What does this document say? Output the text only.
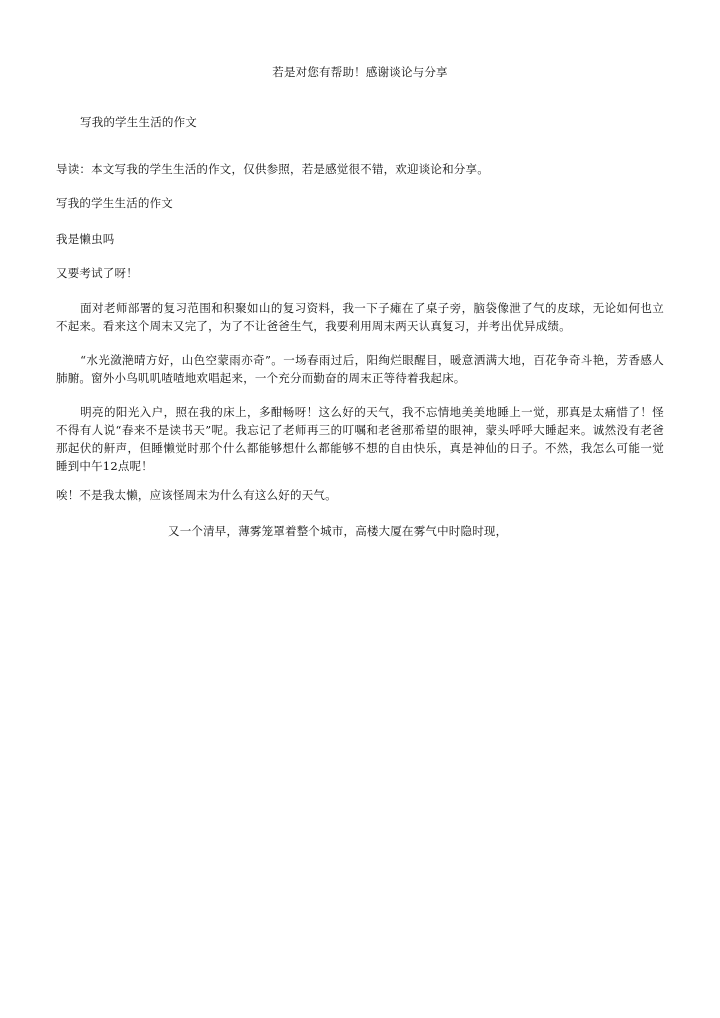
若是对您有帮助！感谢谈论与分享
写我的学生生活的作文
导读：本文写我的学生生活的作文，仅供参照，若是感觉很不错，欢迎谈论和分享。
写我的学生生活的作文
我是懒虫吗
又要考试了呀！
面对老师部署的复习范围和积聚如山的复习资料，我一下子瘫在了桌子旁，脑袋像泄了气的皮球，无论如何也立不起来。看来这个周末又完了，为了不让爸爸生气，我要利用周末两天认真复习，并考出优异成绩。
“水光潋滟晴方好，山色空蒙雨亦奇”。一场春雨过后，阳绚烂眼醒目，暖意洒满大地，百花争奇斗艳，芳香感人肺腑。窗外小鸟叽叽喳喳地欢唱起来，一个充分而勤奋的周末正等待着我起床。
明亮的阳光入户，照在我的床上，多酣畅呀！这么好的天气，我不忘情地美美地睡上一觉，那真是太痛惜了！怪不得有人说“春来不是读书天”呢。我忘记了老师再三的叮嘱和老爸那希望的眼神，蒙头呼呼大睡起来。诚然没有老爸那起伏的鼾声，但睡懒觉时那个什么都能够想什么都能够不想的自由快乐，真是神仙的日子。不然，我怎么可能一觉睡到中午12点呢！
唉！不是我太懒，应该怪周末为什么有这么好的天气。
又一个清早，薄雾笼罩着整个城市，高楼大厦在雾气中时隐时现，
